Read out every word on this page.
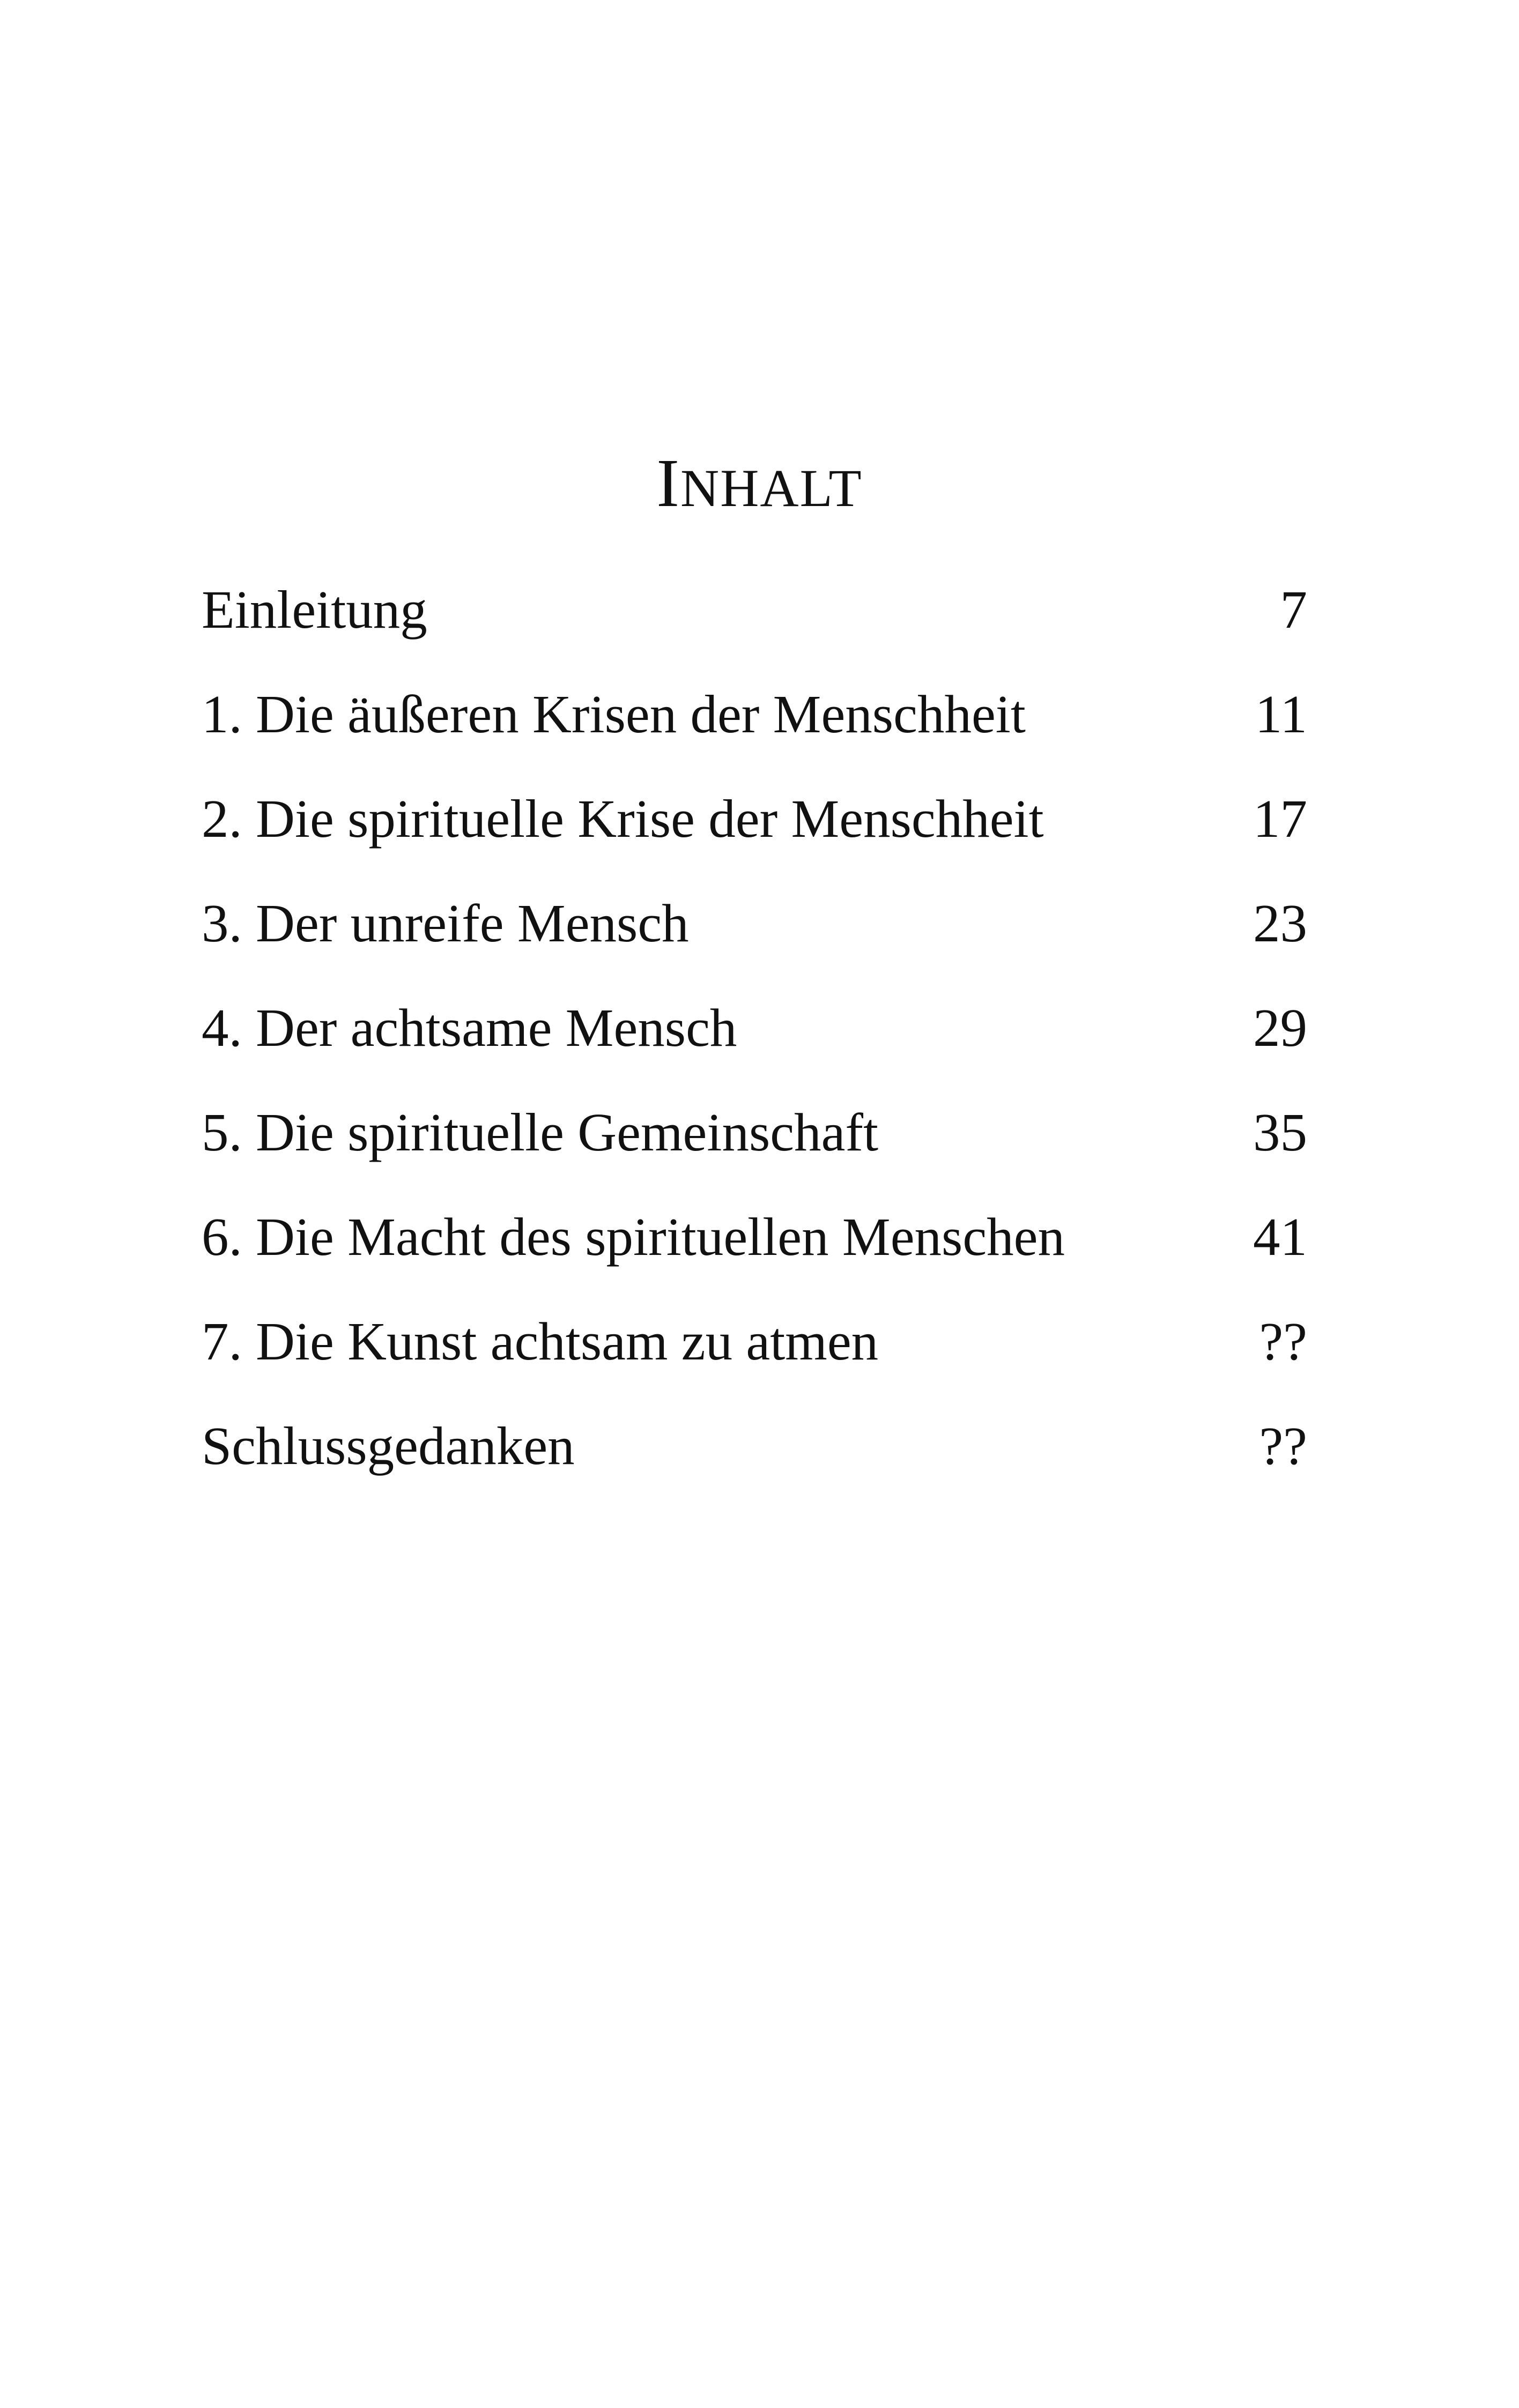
INHALT
Einleitung	7
1. Die äußeren Krisen der Menschheit	11
2. Die spirituelle Krise der Menschheit	17
3. Der unreife Mensch	23
4. Der achtsame Mensch	29
5. Die spirituelle Gemeinschaft	35
6. Die Macht des spirituellen Menschen	41
7. Die Kunst achtsam zu atmen	??
Schlussgedanken	??
